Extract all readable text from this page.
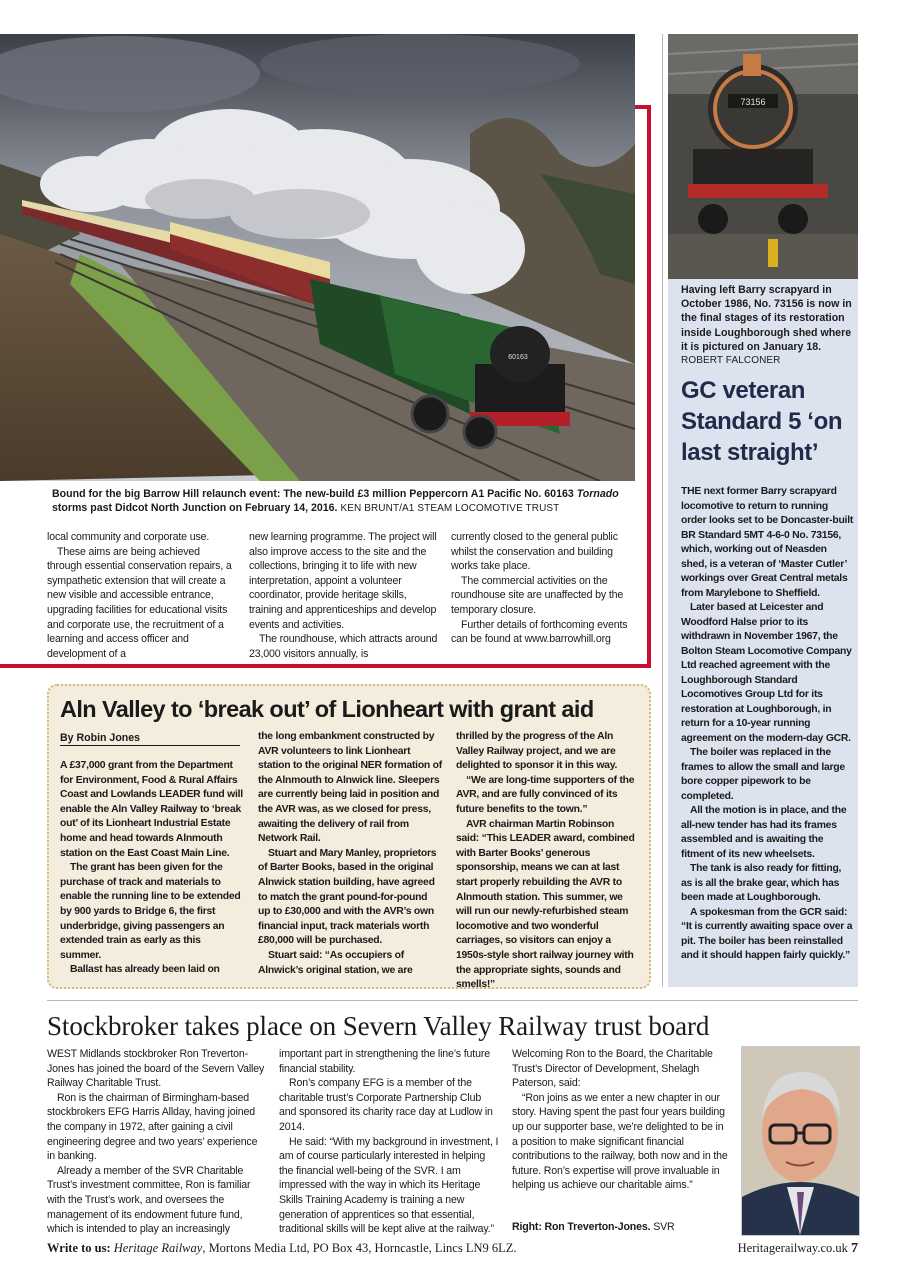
60163
Bound for the big Barrow Hill relaunch event: The new-build £3 million Peppercorn A1 Pacific No. 60163 Tornado storms past Didcot North Junction on February 14, 2016. KEN BRUNT/A1 STEAM LOCOMOTIVE TRUST

local community and corporate use.

These aims are being achieved through essential conservation repairs, a sympathetic extension that will create a new visible and accessible entrance, upgrading facilities for educational visits and corporate use, the recruitment of a learning and access officer and development of a

new learning programme. The project will also improve access to the site and the collections, bringing it to life with new interpretation, appoint a volunteer coordinator, provide heritage skills, training and apprenticeships and develop events and activities.

The roundhouse, which attracts around 23,000 visitors annually, is

currently closed to the general public whilst the conservation and building works take place.

The commercial activities on the roundhouse site are unaffected by the temporary closure.

Further details of forthcoming events can be found at www.barrowhill.org

73156
Having left Barry scrapyard in October 1986, No. 73156 is now in the final stages of its restoration inside Loughborough shed where it is pictured on January 18.
ROBERT FALCONER
GC veteran Standard 5 ‘on last straight’

THE next former Barry scrapyard locomotive to return to running order looks set to be Doncaster-built BR Standard 5MT 4-6-0 No. 73156, which, working out of Neasden shed, is a veteran of ‘Master Cutler’ workings over Great Central metals from Marylebone to Sheffield.

Later based at Leicester and Woodford Halse prior to its withdrawn in November 1967, the Bolton Steam Locomotive Company Ltd reached agreement with the Loughborough Standard Locomotives Group Ltd for its restoration at Loughborough, in return for a 10-year running agreement on the modern-day GCR.

The boiler was replaced in the frames to allow the small and large bore copper pipework to be completed.

All the motion is in place, and the all-new tender has had its frames assembled and is awaiting the fitment of its new wheelsets.

The tank is also ready for fitting, as is all the brake gear, which has been made at Loughborough.

A spokesman from the GCR said: “It is currently awaiting space over a pit. The boiler has been reinstalled and it should happen fairly quickly.”

Aln Valley to ‘break out’ of Lionheart with grant aid
By Robin Jones

A £37,000 grant from the Department for Environment, Food & Rural Affairs Coast and Lowlands LEADER fund will enable the Aln Valley Railway to ‘break out’ of its Lionheart Industrial Estate home and head towards Alnmouth station on the East Coast Main Line.

The grant has been given for the purchase of track and materials to enable the running line to be extended by 900 yards to Bridge 6, the first underbridge, giving passengers an extended train as early as this summer.

Ballast has already been laid on

the long embankment constructed by AVR volunteers to link Lionheart station to the original NER formation of the Alnmouth to Alnwick line. Sleepers are currently being laid in position and the AVR was, as we closed for press, awaiting the delivery of rail from Network Rail.

Stuart and Mary Manley, proprietors of Barter Books, based in the original Alnwick station building, have agreed to match the grant pound-for-pound up to £30,000 and with the AVR’s own financial input, track materials worth £80,000 will be purchased.

Stuart said: “As occupiers of Alnwick’s original station, we are

thrilled by the progress of the Aln Valley Railway project, and we are delighted to sponsor it in this way.

“We are long-time supporters of the AVR, and are fully convinced of its future benefits to the town.”

AVR chairman Martin Robinson said: “This LEADER award, combined with Barter Books’ generous sponsorship, means we can at last start properly rebuilding the AVR to Alnmouth station. This summer, we will run our newly-refurbished steam locomotive and two wonderful carriages, so visitors can enjoy a 1950s-style short railway journey with the appropriate sights, sounds and smells!”

Stockbroker takes place on Severn Valley Railway trust board

WEST Midlands stockbroker Ron Treverton-Jones has joined the board of the Severn Valley Railway Charitable Trust.

Ron is the chairman of Birmingham-based stockbrokers EFG Harris Allday, having joined the company in 1972, after gaining a civil engineering degree and two years’ experience in banking.

Already a member of the SVR Charitable Trust’s investment committee, Ron is familiar with the Trust’s work, and oversees the management of its endowment future fund, which is intended to play an increasingly

important part in strengthening the line’s future financial stability.

Ron’s company EFG is a member of the charitable trust’s Corporate Partnership Club and sponsored its charity race day at Ludlow in 2014.

He said: “With my background in investment, I am of course particularly interested in helping the financial well-being of the SVR. I am impressed with the way in which its Heritage Skills Training Academy is training a new generation of apprentices so that essential, traditional skills will be kept alive at the railway.”

Welcoming Ron to the Board, the Charitable Trust’s Director of Development, Shelagh Paterson, said:

“Ron joins as we enter a new chapter in our story. Having spent the past four years building up our supporter base, we’re delighted to be in a position to make significant financial contributions to the railway, both now and in the future. Ron’s expertise will prove invaluable in helping us achieve our charitable aims.”

Right: Ron Treverton-Jones. SVR
Write to us: Heritage Railway, Mortons Media Ltd, PO Box 43, Horncastle, Lincs LN9 6LZ.	Heritagerailway.co.uk 7
